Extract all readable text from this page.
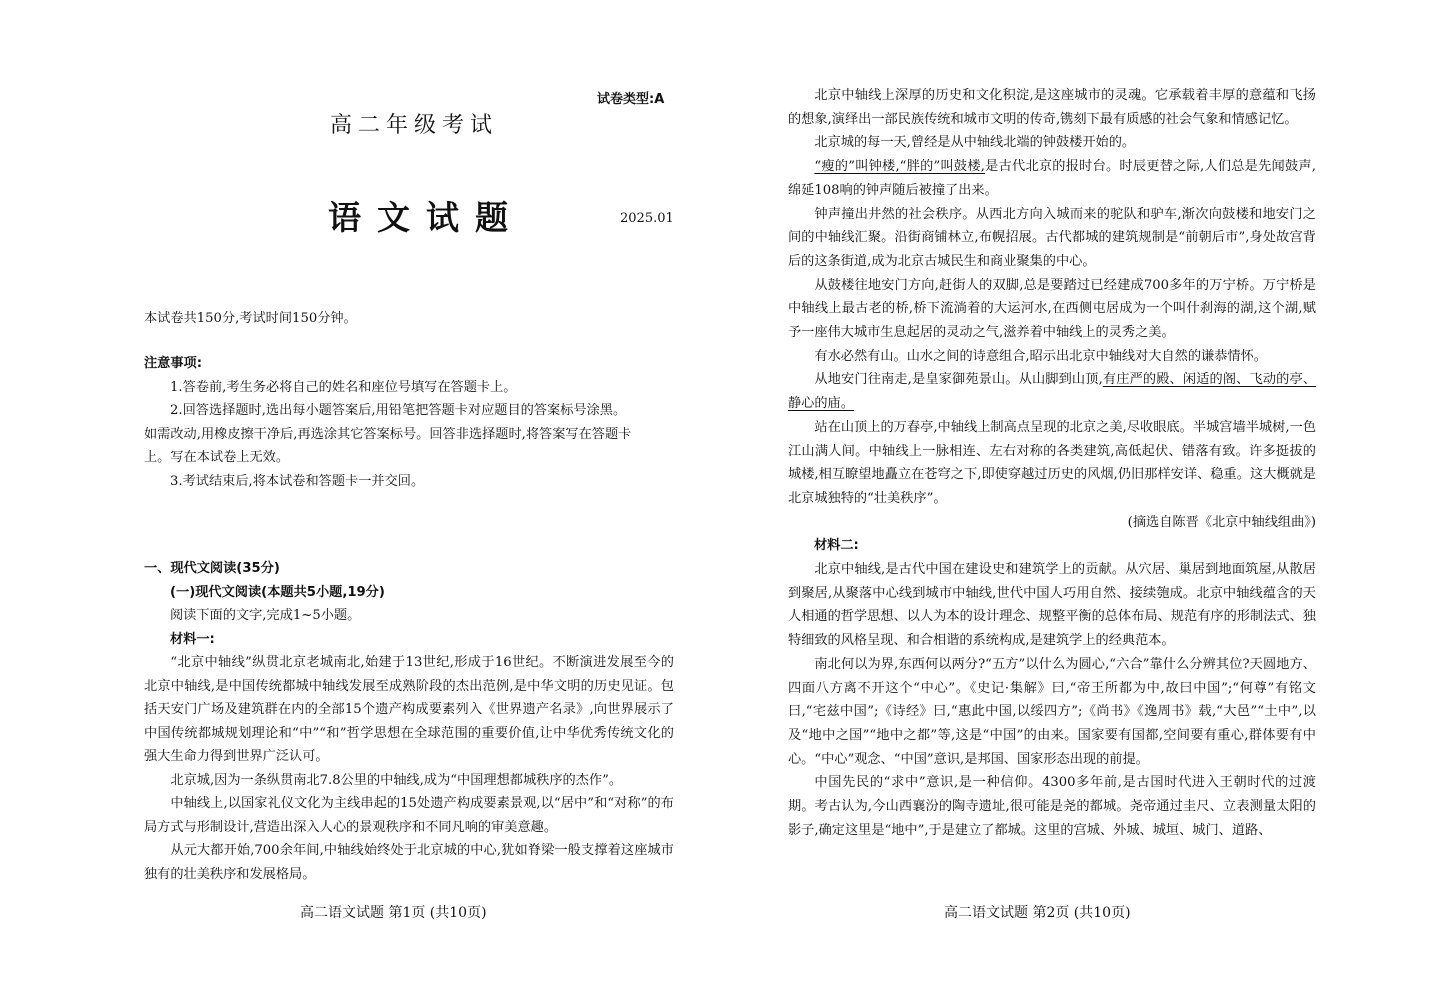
试卷类型:A
高二年级考试
语文试题	2025.01

本试卷共150分,考试时间150分钟。

注意事项:

1.答卷前,考生务必将自己的姓名和座位号填写在答题卡上。

2.回答选择题时,选出每小题答案后,用铅笔把答题卡对应题目的答案标号涂黑。

如需改动,用橡皮擦干净后,再选涂其它答案标号。回答非选择题时,将答案写在答题卡

上。写在本试卷上无效。

3.考试结束后,将本试卷和答题卡一并交回。

一、现代文阅读(35分)

(一)现代文阅读(本题共5小题,19分)

阅读下面的文字,完成1~5小题。

材料一:

“北京中轴线”纵贯北京老城南北,始建于13世纪,形成于16世纪。不断演进发展至今的北京中轴线,是中国传统都城中轴线发展至成熟阶段的杰出范例,是中华文明的历史见证。包括天安门广场及建筑群在内的全部15个遗产构成要素列入《世界遗产名录》,向世界展示了中国传统都城规划理论和“中”“和”哲学思想在全球范围的重要价值,让中华优秀传统文化的强大生命力得到世界广泛认可。

北京城,因为一条纵贯南北7.8公里的中轴线,成为“中国理想都城秩序的杰作”。

中轴线上,以国家礼仪文化为主线串起的15处遗产构成要素景观,以“居中”和“对称”的布局方式与形制设计,营造出深入人心的景观秩序和不同凡响的审美意趣。

从元大都开始,700余年间,中轴线始终处于北京城的中心,犹如脊梁一般支撑着这座城市独有的壮美秩序和发展格局。

高二语文试题 第1页 (共10页)

北京中轴线上深厚的历史和文化积淀,是这座城市的灵魂。它承载着丰厚的意蕴和飞扬的想象,演绎出一部民族传统和城市文明的传奇,镌刻下最有质感的社会气象和情感记忆。

北京城的每一天,曾经是从中轴线北端的钟鼓楼开始的。

“瘦的”叫钟楼,“胖的”叫鼓楼,是古代北京的报时台。时辰更替之际,人们总是先闻鼓声,绵延108响的钟声随后被撞了出来。

钟声撞出井然的社会秩序。从西北方向入城而来的驼队和驴车,渐次向鼓楼和地安门之间的中轴线汇聚。沿街商铺林立,布幌招展。古代都城的建筑规制是“前朝后市”,身处故宫背后的这条街道,成为北京古城民生和商业聚集的中心。

从鼓楼往地安门方向,赶街人的双脚,总是要踏过已经建成700多年的万宁桥。万宁桥是中轴线上最古老的桥,桥下流淌着的大运河水,在西侧屯居成为一个叫什刹海的湖,这个湖,赋予一座伟大城市生息起居的灵动之气,滋养着中轴线上的灵秀之美。

有水必然有山。山水之间的诗意组合,昭示出北京中轴线对大自然的谦恭情怀。

从地安门往南走,是皇家御苑景山。从山脚到山顶,有庄严的殿、闲适的阁、飞动的亭、静心的庙。

站在山顶上的万春亭,中轴线上制高点呈现的北京之美,尽收眼底。半城宫墙半城树,一色江山满人间。中轴线上一脉相连、左右对称的各类建筑,高低起伏、错落有致。许多挺拔的城楼,相互瞭望地矗立在苍穹之下,即使穿越过历史的风烟,仍旧那样安详、稳重。这大概就是北京城独特的“壮美秩序”。

(摘选自陈晋《北京中轴线组曲》)

材料二:

北京中轴线,是古代中国在建设史和建筑学上的贡献。从穴居、巢居到地面筑屋,从散居到聚居,从聚落中心线到城市中轴线,世代中国人巧用自然、接续匏成。北京中轴线蕴含的天人相通的哲学思想、以人为本的设计理念、规整平衡的总体布局、规范有序的形制法式、独特细致的风格呈现、和合相谐的系统构成,是建筑学上的经典范本。

南北何以为界,东西何以两分?“五方”以什么为圆心,“六合”靠什么分辨其位?天圆地方、四面八方离不开这个“中心”。《史记·集解》曰,“帝王所都为中,故曰中国”;“何尊”有铭文曰,“宅兹中国”;《诗经》曰,“惠此中国,以绥四方”;《尚书》《逸周书》载,“大邑”“土中”,以及“地中之国”“地中之都”等,这是“中国”的由来。国家要有国都,空间要有重心,群体要有中心。“中心”观念、“中国”意识,是邦国、国家形态出现的前提。

中国先民的“求中”意识,是一种信仰。4300多年前,是古国时代进入王朝时代的过渡期。考古认为,今山西襄汾的陶寺遗址,很可能是尧的都城。尧帝通过圭尺、立表测量太阳的影子,确定这里是“地中”,于是建立了都城。这里的宫城、外城、城垣、城门、道路、

高二语文试题 第2页 (共10页)
